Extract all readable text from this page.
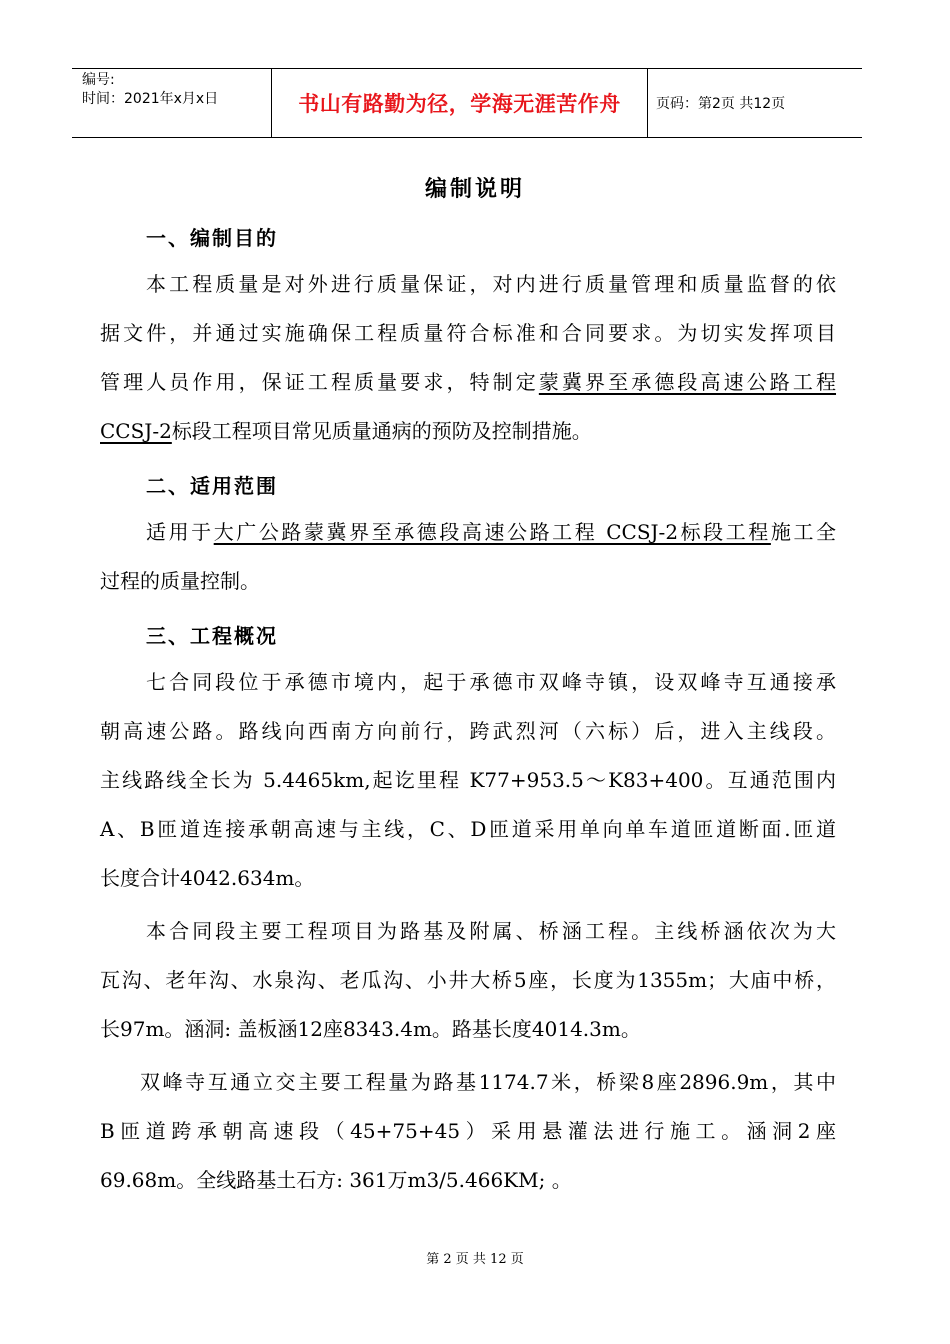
编号:
时间：2021年x月x日	书山有路勤为径，学海无涯苦作舟	页码：第2页 共12页
编制说明
一、编制目的
本工程质量是对外进行质量保证，对内进行质量管理和质量监督的依
据文件，并通过实施确保工程质量符合标准和合同要求。为切实发挥项目
管理人员作用，保证工程质量要求，特制定蒙冀界至承德段高速公路工程
CCSJ-2标段工程项目常见质量通病的预防及控制措施。
二、适用范围
适用于大广公路蒙冀界至承德段高速公路工程 CCSJ-2标段工程施工全
过程的质量控制。
三、工程概况
七合同段位于承德市境内，起于承德市双峰寺镇，设双峰寺互通接承
朝高速公路。路线向西南方向前行，跨武烈河（六标）后，进入主线段。
主线路线全长为 5.4465km,起讫里程 K77+953.5～K83+400。互通范围内
A、B匝道连接承朝高速与主线，C、D匝道采用单向单车道匝道断面.匝道
长度合计4042.634m。
本合同段主要工程项目为路基及附属、桥涵工程。主线桥涵依次为大
瓦沟、老年沟、水泉沟、老瓜沟、小井大桥5座，长度为1355m；大庙中桥，
长97m。涵洞: 盖板涵12座8343.4m。路基长度4014.3m。
双峰寺互通立交主要工程量为路基1174.7米，桥梁8座2896.9m，其中
B匝道跨承朝高速段（45+75+45）采用悬灌法进行施工。涵洞2座
69.68m。全线路基土石方: 361万m3/5.466KM; 。
第 2 页 共 12 页
